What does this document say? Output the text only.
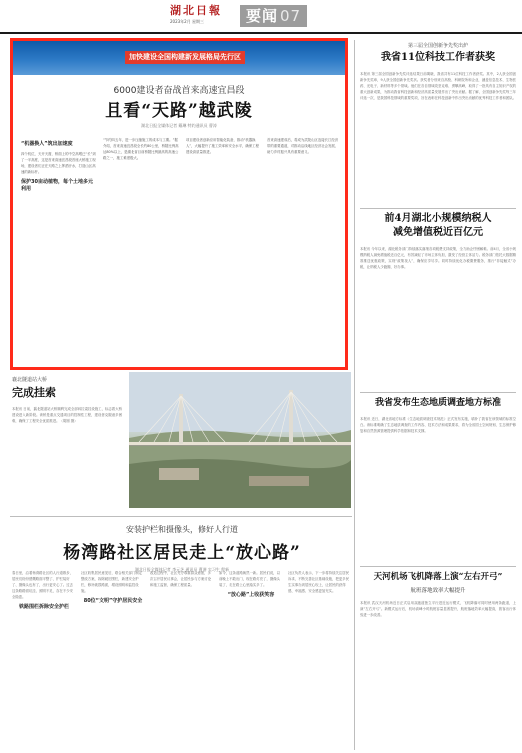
湖北日報
2023年2月 星期三	要闻 07
加快建设全国构建新发展格局先行区
6000建设者奋战首来高速宜昌段
且看“天路”越武陵
湖北日报全媒体记者 戴琳 特约通讯员 曹涛
“机器换人”筑出加速度
四个机位，天开天窗，桥面上的中空高墩已“长”到了一半高度，这是首来高速宜昌段首座大桥施工现场，建设者们正在天路之上挥洒汗水，打造山区高速的新标杆。
保护30亩动植物，每个土地多元利用
“节约四五年，进一步压缩施工的成本与工期。”据介绍，首来高速宜昌段全长约80公里，桥隧比例高达80%以上，是湖北省目前桥隧比例最高的高速公路之一，施工难度极大。
项目建设者创新应用智能化装备，推动“机器换人”，大幅提升了施工效率和安全水平，确保工程建设高质量推进。
首来高速建成后，将成为武陵山区连接长江经济带的重要通道，对推动沿线地区经济社会发展、助力乡村振兴具有重要意义。
第三届全国创新争先奖出炉
我省11位科技工作者获奖
本报讯 第三届全国创新争先奖评选结果日前揭晓，我省共有11位科技工作者获奖。其中，2人获全国创新争先奖章，9人获全国创新争先奖状。获奖者分别来自高校、科研院所和企业，涵盖信息技术、生物医药、光电子、新材料等多个领域。他们在各自领域攻坚克难、勇攀高峰，取得了一批具有自主知识产权的重大创新成果，为推动我省科技创新和经济高质量发展作出了突出贡献。据了解，全国创新争先奖每三年评选一次，是我国科技领域的重要奖项，旨在表彰在科技创新中作出突出贡献的优秀科技工作者和团队。
前4月湖北小规模纳税人
减免增值税近百亿元
本报讯 今年以来，湖北税务部门持续落实落细各项税费支持政策，全力助企纾困解难。前4月，全省小规模纳税人减免增值税近百亿元，有效减轻了市场主体负担，激发了经营主体活力。税务部门依托大数据精准推送优惠政策，实现“政策找人”，确保应享尽享。同时持续优化办税缴费服务，推行“非接触式”办税，让纳税人少跑腿、好办事。
我省发布生态地质调查地方标准
本报讯 近日，湖北省地方标准《生态地质调查技术规范》正式发布实施，填补了我省在该领域的标准空白。该标准明确了生态地质调查的工作内容、技术方法和成果要求，将为全省国土空间规划、生态保护修复和自然资源管理提供科学依据和技术支撑。
天河机场飞机降落上演“左右开弓”
航班落地效率大幅提升
本报讯 武汉天河机场近日正式启用双跑道独立平行进近运行模式，飞机降落可同时使用两条跑道，上演“左右开弓”。新模式运行后，机场高峰小时航班容量显著提升，航班落地效率大幅提高，旅客出行体验进一步改善。
襄北隧道站大桥
完成挂索
本报讯 日前，襄北隧道站大桥顺利完成全部斜拉索挂设施工，标志着大桥建设进入新阶段。该桥是重点交通项目的控制性工程，建设者克服诸多困难，确保了工程安全优质推进。（胡刚 摄）
安装护栏和摄像头，修好人行道
杨湾路社区居民走上“放心路”
湖北日报全媒体记者 李元芝 通讯员 曹谐 实习生 程新
春日里，沿着杨湾路社区的人行道散步，居民们纷纷感慨路面平整了、护栏装好了、摄像头也有了，出行更安心了。过去这条路路面坑洼、照明不足，存在不少安全隐患。
铁路围栏拆除安全护栏
社区收集居民意见后，联合相关部门制定整改方案，拆除破旧围栏，新建安全护栏，修补破损路面，增设照明和监控设施。
80位“文明”守护居民安全
改造过程中，社区充分尊重群众意愿，多次召开居民议事会，让居民参与方案讨论和施工监督，确保工程质量。
如今，这条道路焕然一新。居民们说，以前晚上不敢出门，现在路灯亮了，摄像头装了，走在路上心里踏实多了。
“放心路”上收获笑容
社区负责人表示，下一步将持续关注居民诉求，不断完善社区基础设施，把更多民生实事办到居民心坎上，让居民的获得感、幸福感、安全感更加充实。
